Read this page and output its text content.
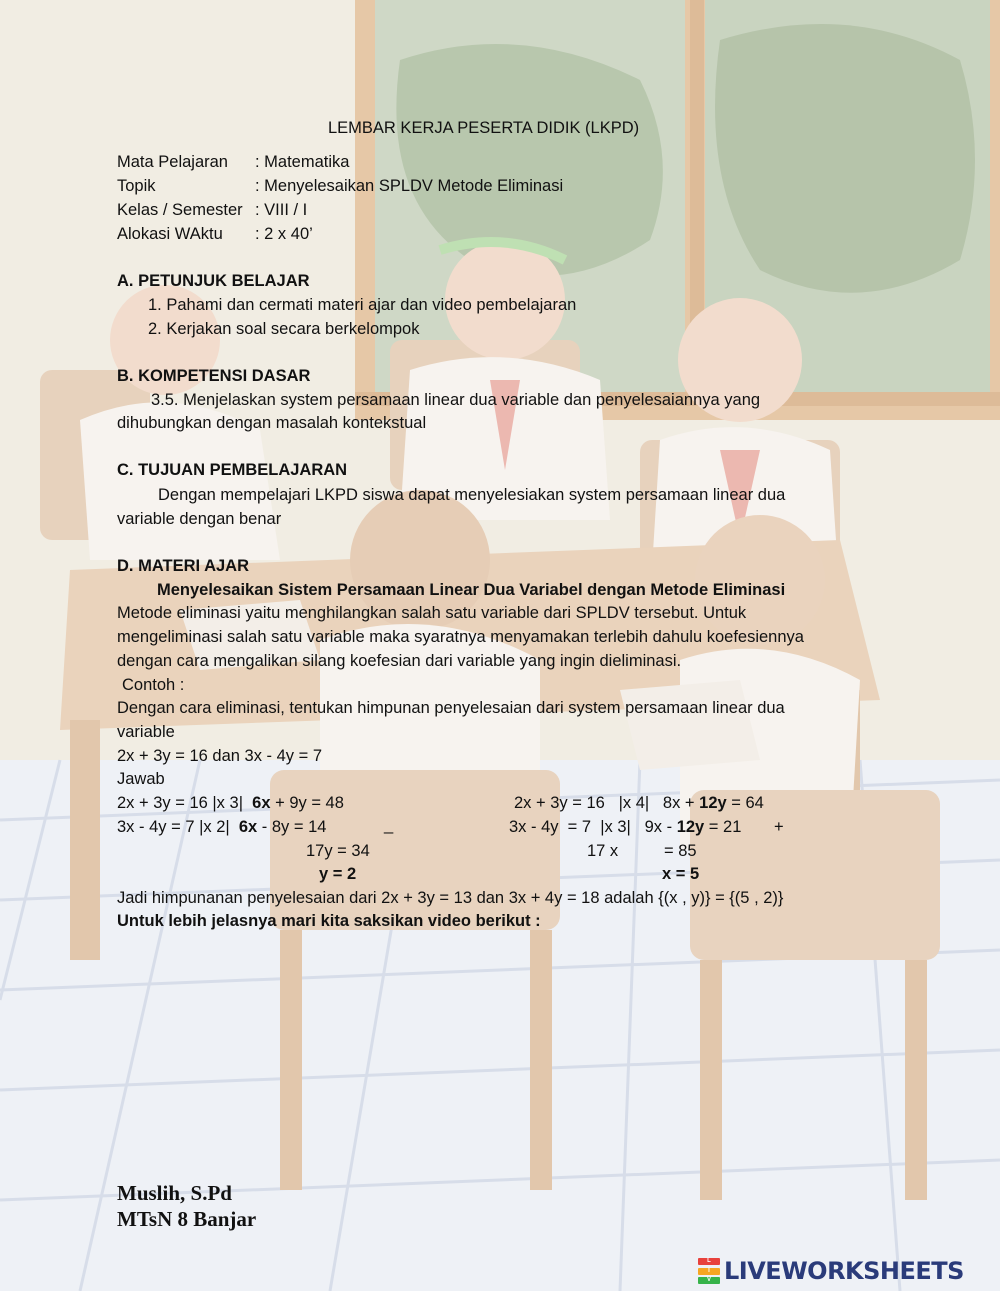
LEMBAR KERJA PESERTA DIDIK (LKPD)
Mata Pelajaran : Matematika
Topik	: Menyelesaikan SPLDV Metode Eliminasi
Kelas / Semester : VIII / I
Alokasi WAktu : 2 x 40’
A. PETUNJUK BELAJAR
1. Pahami dan cermati materi ajar dan video pembelajaran
2. Kerjakan soal secara berkelompok
B. KOMPETENSI DASAR
3.5. Menjelaskan system persamaan linear dua variable dan penyelesaiannya yang
dihubungkan dengan masalah kontekstual
C. TUJUAN PEMBELAJARAN
Dengan mempelajari LKPD siswa dapat menyelesiakan system persamaan linear dua
variable dengan benar
D. MATERI AJAR
Menyelesaikan Sistem Persamaan Linear Dua Variabel dengan Metode Eliminasi
Metode eliminasi yaitu menghilangkan salah satu variable dari SPLDV tersebut. Untuk
mengeliminasi salah satu variable maka syaratnya menyamakan terlebih dahulu koefesiennya
dengan cara mengalikan silang koefesian dari variable yang ingin dieliminasi.
Contoh :
Dengan cara eliminasi, tentukan himpunan penyelesaian dari system persamaan linear dua
variable
2x + 3y = 16 dan 3x - 4y = 7
Jawab
2x + 3y = 16 |x 3| 6x + 9y = 48
3x - 4y = 7 |x 2| 6x - 8y = 14	_
17y = 34
y = 2
2x + 3y = 16   |x 4|   8x + 12y = 64
3x - 4y  = 7  |x 3|   9x - 12y = 21 +
17 x          = 85
x = 5
Jadi himpunanan penyelesaian dari 2x + 3y = 13 dan 3x + 4y = 18 adalah {(x , y)} = {(5 , 2)}
Untuk lebih jelasnya mari kita saksikan video berikut :
Muslih, S.Pd
MTsN 8 Banjar
L
I
V LIVEWORKSHEETS
